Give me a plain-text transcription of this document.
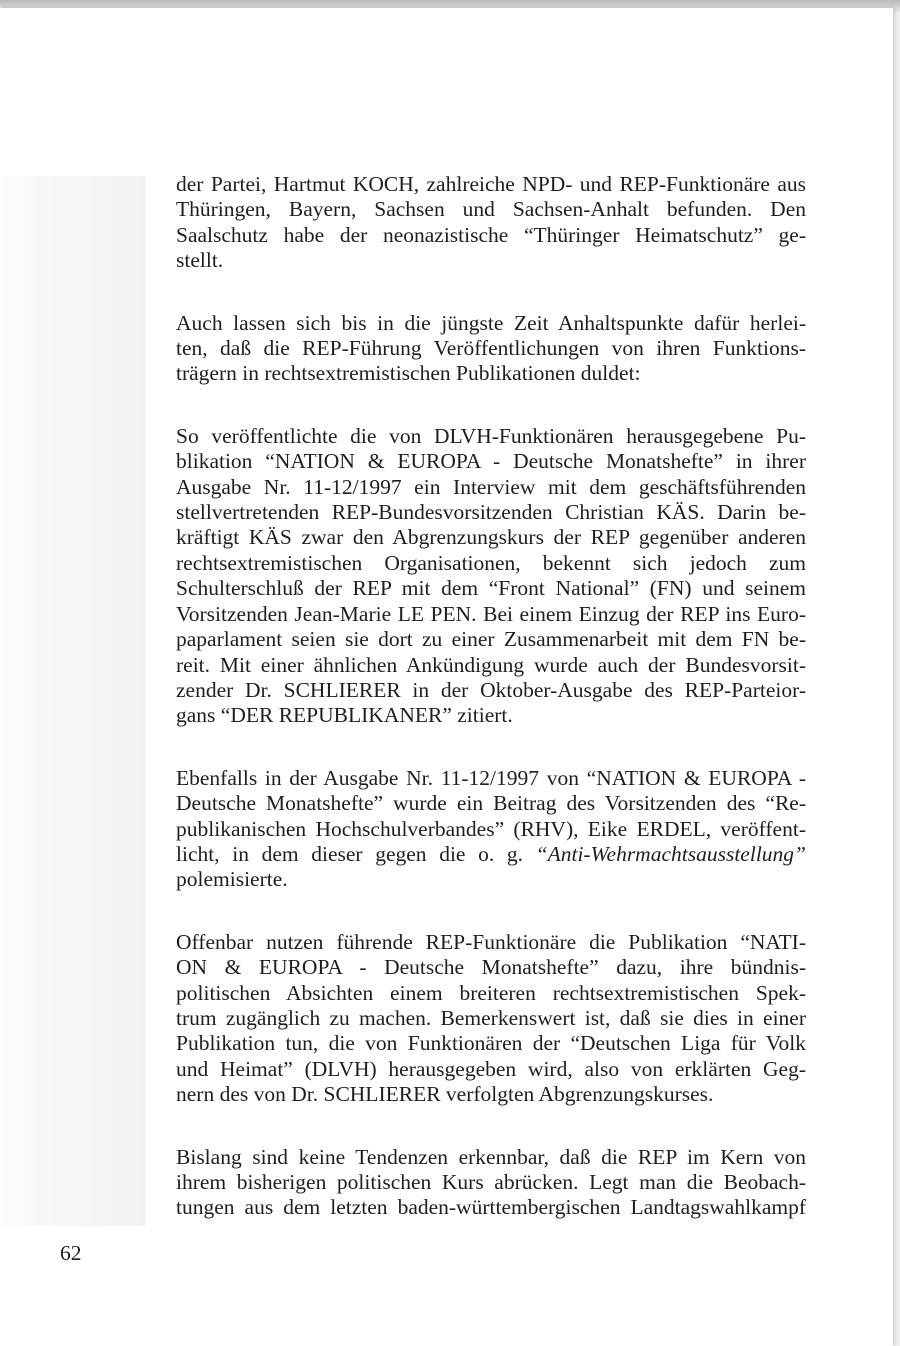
der Partei, Hartmut KOCH, zahlreiche NPD- und REP-Funktionäre aus
Thüringen, Bayern, Sachsen und Sachsen-Anhalt befunden. Den
Saalschutz habe der neonazistische “Thüringer Heimatschutz” ge-
stellt.

Auch lassen sich bis in die jüngste Zeit Anhaltspunkte dafür herlei-
ten, daß die REP-Führung Veröffentlichungen von ihren Funktions-
trägern in rechtsextremistischen Publikationen duldet:

So veröffentlichte die von DLVH-Funktionären herausgegebene Pu-
blikation “NATION & EUROPA - Deutsche Monatshefte” in ihrer
Ausgabe Nr. 11-12/1997 ein Interview mit dem geschäftsführenden
stellvertretenden REP-Bundesvorsitzenden Christian KÄS. Darin be-
kräftigt KÄS zwar den Abgrenzungskurs der REP gegenüber anderen
rechtsextremistischen Organisationen, bekennt sich jedoch zum
Schulterschluß der REP mit dem “Front National” (FN) und seinem
Vorsitzenden Jean-Marie LE PEN. Bei einem Einzug der REP ins Euro-
paparlament seien sie dort zu einer Zusammenarbeit mit dem FN be-
reit. Mit einer ähnlichen Ankündigung wurde auch der Bundesvorsit-
zender Dr. SCHLIERER in der Oktober-Ausgabe des REP-Parteior-
gans “DER REPUBLIKANER” zitiert.

Ebenfalls in der Ausgabe Nr. 11-12/1997 von “NATION & EUROPA -
Deutsche Monatshefte” wurde ein Beitrag des Vorsitzenden des “Re-
publikanischen Hochschulverbandes” (RHV), Eike ERDEL, veröffent-
licht, in dem dieser gegen die o. g. “Anti-Wehrmachtsausstellung”
polemisierte.

Offenbar nutzen führende REP-Funktionäre die Publikation “NATI-
ON & EUROPA - Deutsche Monatshefte” dazu, ihre bündnis-
politischen Absichten einem breiteren rechtsextremistischen Spek-
trum zugänglich zu machen. Bemerkenswert ist, daß sie dies in einer
Publikation tun, die von Funktionären der “Deutschen Liga für Volk
und Heimat” (DLVH) herausgegeben wird, also von erklärten Geg-
nern des von Dr. SCHLIERER verfolgten Abgrenzungskurses.

Bislang sind keine Tendenzen erkennbar, daß die REP im Kern von
ihrem bisherigen politischen Kurs abrücken. Legt man die Beobach-
tungen aus dem letzten baden-württembergischen Landtagswahlkampf

62
